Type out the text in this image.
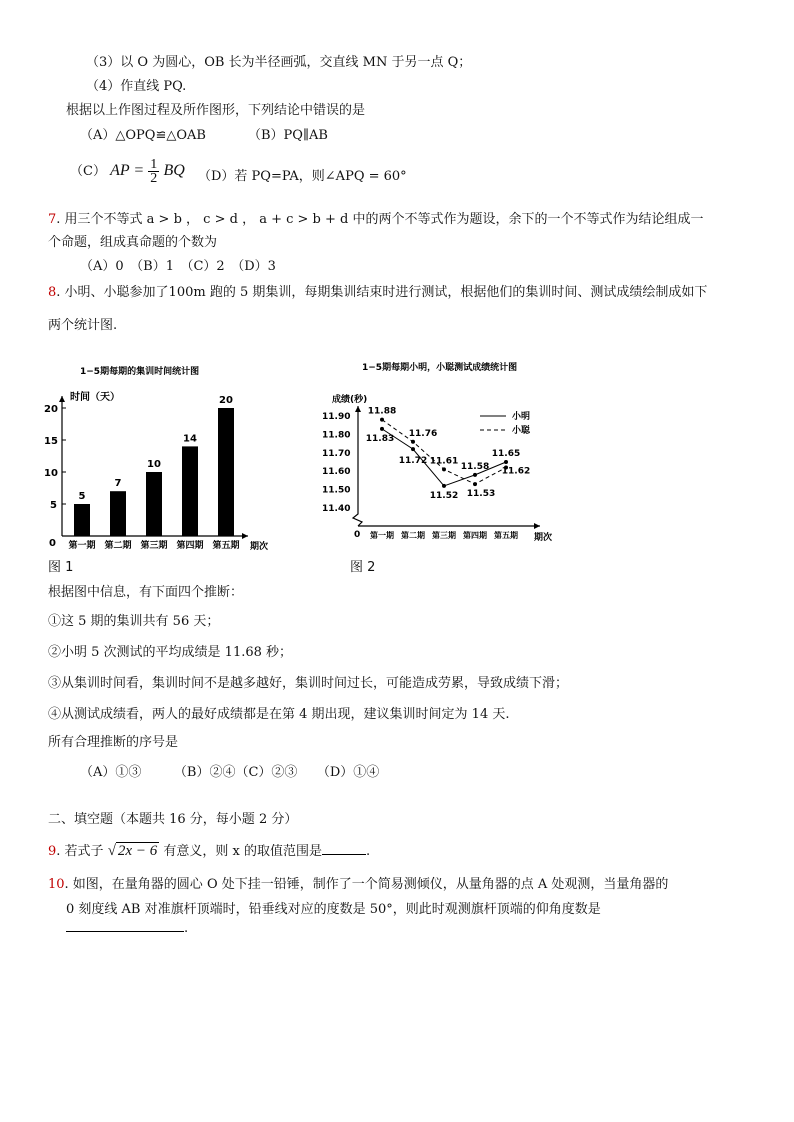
（3）以 O 为圆心，OB 长为半径画弧，交直线 MN 于另一点 Q；
（4）作直线 PQ.
根据以上作图过程及所作图形，下列结论中错误的是
（A）△OPQ≌△OAB	（B）PQ∥AB
（C） AP = $\frac{1}{2}$ BQ （D）若 PQ=PA，则∠APQ = 60°
7. 用三个不等式 a > b ， c > d ， a + c > b + d 中的两个不等式作为题设，余下的一个不等式作为结论组成一
个命题，组成真命题的个数为
（A）0　（B）1　（C）2　（D）3
8. 小明、小聪参加了100m 跑的 5 期集训，每期集训结束时进行测试，根据他们的集训时间、测试成绩绘制成如下
两个统计图.
1−5期每期的集训时间统计图
时间（天）
期次
0
5
10
15
20
5
第一期
7
第二期
10
第三期
14
第四期
20
第五期
图 1
1−5期每期小明，小聪测试成绩统计图
成绩(秒)
期次
0
11.40
11.50
11.60
11.70
11.80
11.90
第一期 第二期 第三期 第四期 第五期
11.83
11.72
11.52
11.58
11.65
11.88
11.76
11.61
11.53
11.62
小明
小聪
图 2
根据图中信息，有下面四个推断：
①这 5 期的集训共有 56 天；
②小明 5 次测试的平均成绩是 11.68 秒；
③从集训时间看，集训时间不是越多越好，集训时间过长，可能造成劳累，导致成绩下滑；
④从测试成绩看，两人的最好成绩都是在第 4 期出现，建议集训时间定为 14 天.
所有合理推断的序号是
（A）①③　　　（B）②④（C）②③　　（D）①④
二、填空题（本题共 16 分，每小题 2 分）
9. 若式子 √ 2x − 6 有意义，则 x 的取值范围是	.
10. 如图，在量角器的圆心 O 处下挂一铅锤，制作了一个简易测倾仪，从量角器的点 A 处观测，当量角器的
0 刻度线 AB 对准旗杆顶端时，铅垂线对应的度数是 50°，则此时观测旗杆顶端的仰角度数是
.
